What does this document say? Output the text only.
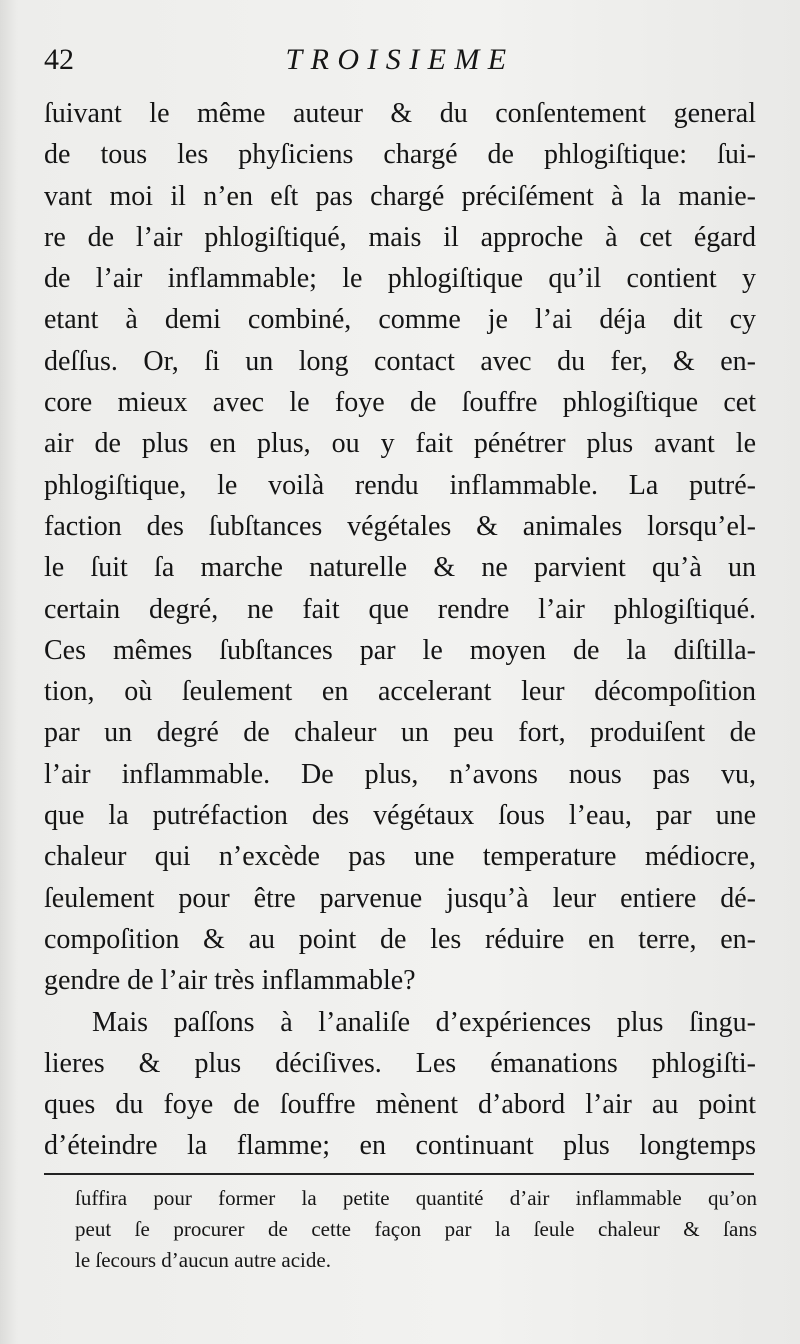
42	TROISIEME
ſuivant le même auteur & du conſentement general
de tous les phyſiciens chargé de phlogiſtique: ſui-
vant moi il n’en eſt pas chargé préciſément à la manie-
re de l’air phlogiſtiqué, mais il approche à cet égard
de l’air inflammable; le phlogiſtique qu’il contient y
etant à demi combiné, comme je l’ai déja dit cy
deſſus. Or, ſi un long contact avec du fer, & en-
core mieux avec le foye de ſouffre phlogiſtique cet
air de plus en plus, ou y fait pénétrer plus avant le
phlogiſtique, le voilà rendu inflammable. La putré-
faction des ſubſtances végétales & animales lorsqu’el-
le ſuit ſa marche naturelle & ne parvient qu’à un
certain degré, ne fait que rendre l’air phlogiſtiqué.
Ces mêmes ſubſtances par le moyen de la diſtilla-
tion, où ſeulement en accelerant leur décompoſition
par un degré de chaleur un peu fort, produiſent de
l’air inflammable. De plus, n’avons nous pas vu,
que la putréfaction des végétaux ſous l’eau, par une
chaleur qui n’excède pas une temperature médiocre,
ſeulement pour être parvenue jusqu’à leur entiere dé-
compoſition & au point de les réduire en terre, en-
gendre de l’air très inflammable?
Mais paſſons à l’analiſe d’expériences plus ſingu-
lieres & plus déciſives. Les émanations phlogiſti-
ques du foye de ſouffre mènent d’abord l’air au point
d’éteindre la flamme; en continuant plus longtemps
ſuffira pour former la petite quantité d’air inflammable qu’on
peut ſe procurer de cette façon par la ſeule chaleur & ſans
le ſecours d’aucun autre acide.
